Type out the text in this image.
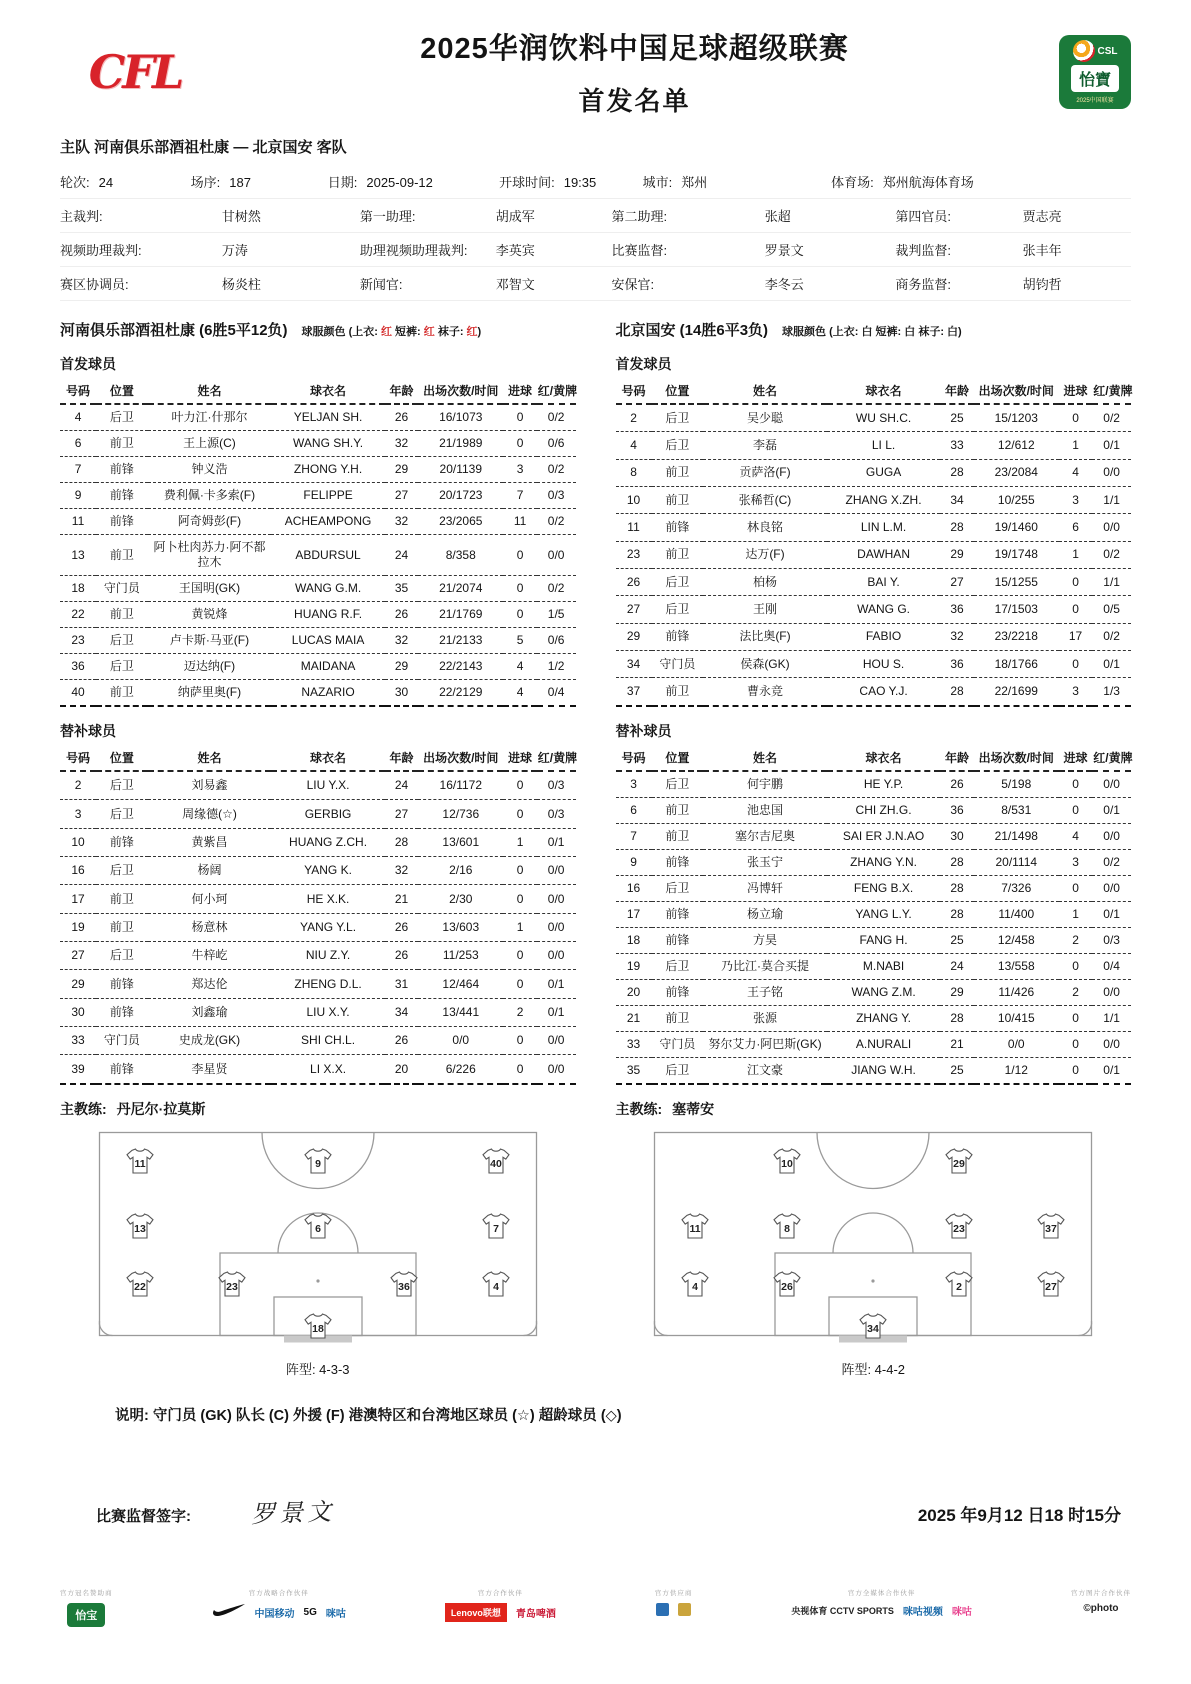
CFL	2025华润饮料中国足球超级联赛
首发名单
CSL
怡寶
2025中国联赛
主队 河南俱乐部酒祖杜康 — 北京国安 客队
轮次: 24	场序: 187	日期: 2025-09-12	开球时间: 19:35	城市: 郑州	体育场: 郑州航海体育场
主裁判:	甘树然	第一助理:	胡成军	第二助理:	张超	第四官员:	贾志亮
视频助理裁判:	万涛	助理视频助理裁判:	李英宾	比赛监督:	罗景文	裁判监督:	张丰年
赛区协调员:	杨炎柱	新闻官:	邓智文	安保官:	李冬云	商务监督:	胡钧哲
河南俱乐部酒祖杜康 (6胜5平12负) 球服颜色 (上衣: 红 短裤: 红 袜子: 红)	北京国安 (14胜6平3负) 球服颜色 (上衣: 白 短裤: 白 袜子: 白)
首发球员	首发球员
号码	位置	姓名	球衣名	年龄	出场次数/时间	进球	红/黄牌
4	后卫	叶力江·什那尔	YELJAN SH.	26	16/1073	0	0/2
6	前卫	王上源(C)	WANG SH.Y.	32	21/1989	0	0/6
7	前锋	钟义浩	ZHONG Y.H.	29	20/1139	3	0/2
9	前锋	费利佩·卡多索(F)	FELIPPE	27	20/1723	7	0/3
11	前锋	阿奇姆彭(F)	ACHEAMPONG	32	23/2065	11	0/2
13	前卫	阿卜杜肉苏力·阿不都拉木	ABDURSUL	24	8/358	0	0/0
18	守门员	王国明(GK)	WANG G.M.	35	21/2074	0	0/2
22	前卫	黄锐烽	HUANG R.F.	26	21/1769	0	1/5
23	后卫	卢卡斯·马亚(F)	LUCAS MAIA	32	21/2133	5	0/6
36	后卫	迈达纳(F)	MAIDANA	29	22/2143	4	1/2
40	前卫	纳萨里奥(F)	NAZARIO	30	22/2129	4	0/4
号码	位置	姓名	球衣名	年龄	出场次数/时间	进球	红/黄牌
2	后卫	吴少聪	WU SH.C.	25	15/1203	0	0/2
4	后卫	李磊	LI L.	33	12/612	1	0/1
8	前卫	贡萨洛(F)	GUGA	28	23/2084	4	0/0
10	前卫	张稀哲(C)	ZHANG X.ZH.	34	10/255	3	1/1
11	前锋	林良铭	LIN L.M.	28	19/1460	6	0/0
23	前卫	达万(F)	DAWHAN	29	19/1748	1	0/2
26	后卫	柏杨	BAI Y.	27	15/1255	0	1/1
27	后卫	王刚	WANG G.	36	17/1503	0	0/5
29	前锋	法比奥(F)	FABIO	32	23/2218	17	0/2
34	守门员	侯森(GK)	HOU S.	36	18/1766	0	0/1
37	前卫	曹永竞	CAO Y.J.	28	22/1699	3	1/3
替补球员	替补球员
号码	位置	姓名	球衣名	年龄	出场次数/时间	进球	红/黄牌
2	后卫	刘易鑫	LIU Y.X.	24	16/1172	0	0/3
3	后卫	周缘德(☆)	GERBIG	27	12/736	0	0/3
10	前锋	黄紫昌	HUANG Z.CH.	28	13/601	1	0/1
16	后卫	杨阔	YANG K.	32	2/16	0	0/0
17	前卫	何小珂	HE X.K.	21	2/30	0	0/0
19	前卫	杨意林	YANG Y.L.	26	13/603	1	0/0
27	后卫	牛梓屹	NIU Z.Y.	26	11/253	0	0/0
29	前锋	郑达伦	ZHENG D.L.	31	12/464	0	0/1
30	前锋	刘鑫瑜	LIU X.Y.	34	13/441	2	0/1
33	守门员	史成龙(GK)	SHI CH.L.	26	0/0	0	0/0
39	前锋	李星贤	LI X.X.	20	6/226	0	0/0
号码	位置	姓名	球衣名	年龄	出场次数/时间	进球	红/黄牌
3	后卫	何宇鹏	HE Y.P.	26	5/198	0	0/0
6	前卫	池忠国	CHI ZH.G.	36	8/531	0	0/1
7	前卫	塞尔吉尼奥	SAI ER J.N.AO	30	21/1498	4	0/0
9	前锋	张玉宁	ZHANG Y.N.	28	20/1114	3	0/2
16	后卫	冯博轩	FENG B.X.	28	7/326	0	0/0
17	前锋	杨立瑜	YANG L.Y.	28	11/400	1	0/1
18	前锋	方昊	FANG H.	25	12/458	2	0/3
19	后卫	乃比江·莫合买提	M.NABI	24	13/558	0	0/4
20	前锋	王子铭	WANG Z.M.	29	11/426	2	0/0
21	前卫	张源	ZHANG Y.	28	10/415	0	1/1
33	守门员	努尔艾力·阿巴斯(GK)	A.NURALI	21	0/0	0	0/0
35	后卫	江文豪	JIANG W.H.	25	1/12	0	0/1
主教练: 丹尼尔·拉莫斯	主教练: 塞蒂安
11	9	40
13	6	7
22	23	36	4
18
10	29
11	8	23	37
4	26	2	27
34
阵型: 4-3-3	阵型: 4-4-2
说明: 守门员 (GK) 队长 (C) 外援 (F) 港澳特区和台湾地区球员 (☆) 超龄球员 (◇)
比赛监督签字: 罗景文	2025 年9月12 日18 时15分
官方冠名赞助商
怡宝
官方战略合作伙伴
中国移动 5G 咪咕
官方合作伙伴
Lenovo联想	青岛啤酒
官方供应商	官方全媒体合作伙伴
央视体育 CCTV SPORTS 咪咕视频 咪咕
官方图片合作伙伴
©photo
